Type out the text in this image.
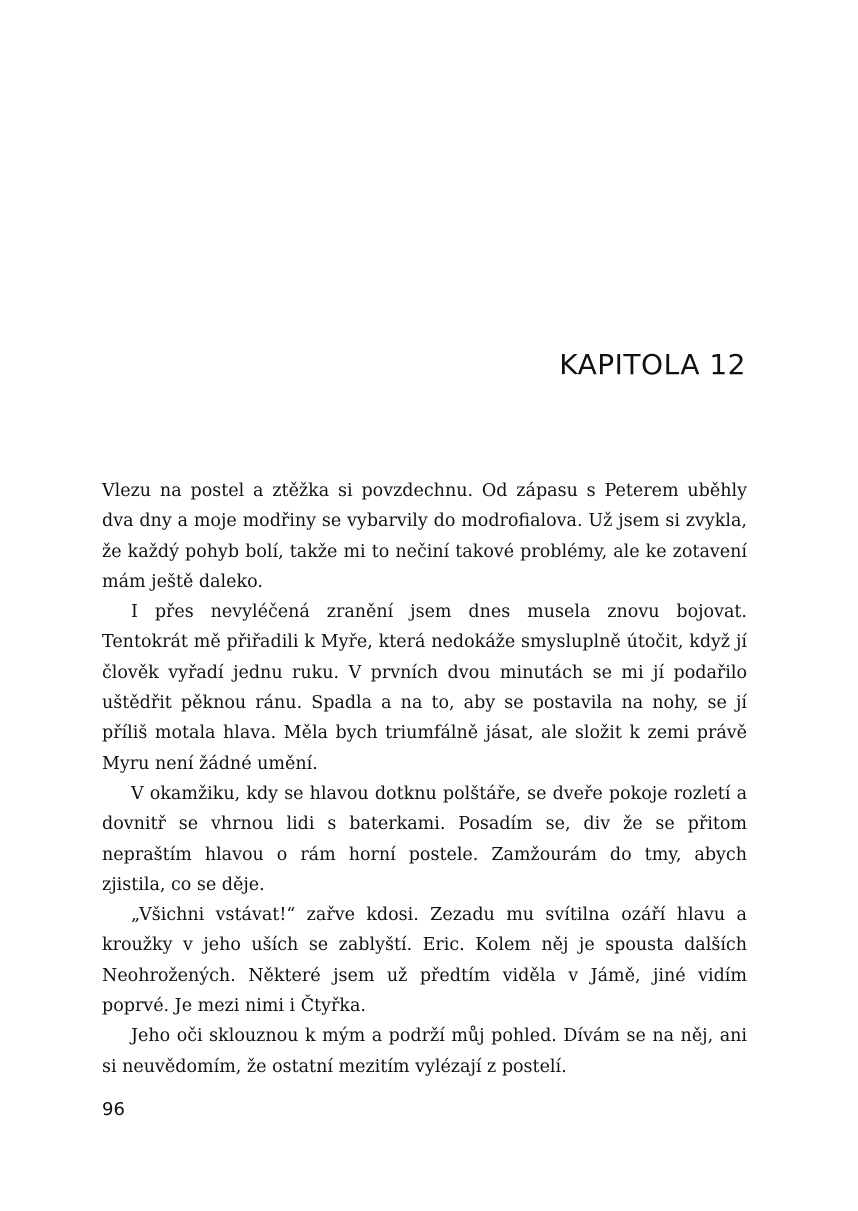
KAPITOLA 12

Vlezu na postel a ztěžka si povzdechnu. Od zápasu s Peterem uběhly dva dny a moje modřiny se vybarvily do modrofialova. Už jsem si zvykla, že každý pohyb bolí, takže mi to nečiní takové problémy, ale ke zotavení mám ještě daleko.

I přes nevyléčená zranění jsem dnes musela znovu bojovat. Tentokrát mě přiřadili k Myře, která nedokáže smysluplně útočit, když jí člověk vyřadí jednu ruku. V prvních dvou minutách se mi jí podařilo uštědřit pěknou ránu. Spadla a na to, aby se postavila na nohy, se jí příliš motala hlava. Měla bych triumfálně jásat, ale složit k zemi právě Myru není žádné umění.

V okamžiku, kdy se hlavou dotknu polštáře, se dveře pokoje rozletí a dovnitř se vhrnou lidi s baterkami. Posadím se, div že se přitom nepraštím hlavou o rám horní postele. Zamžourám do tmy, abych zjistila, co se děje.

„Všichni vstávat!“ zařve kdosi. Zezadu mu svítilna ozáří hlavu a kroužky v jeho uších se zablyští. Eric. Kolem něj je spousta dalších Neohrožených. Některé jsem už předtím viděla v Jámě, jiné vidím poprvé. Je mezi nimi i Čtyřka.

Jeho oči sklouznou k mým a podrží můj pohled. Dívám se na něj, ani si neuvědomím, že ostatní mezitím vylézají z postelí.

96
